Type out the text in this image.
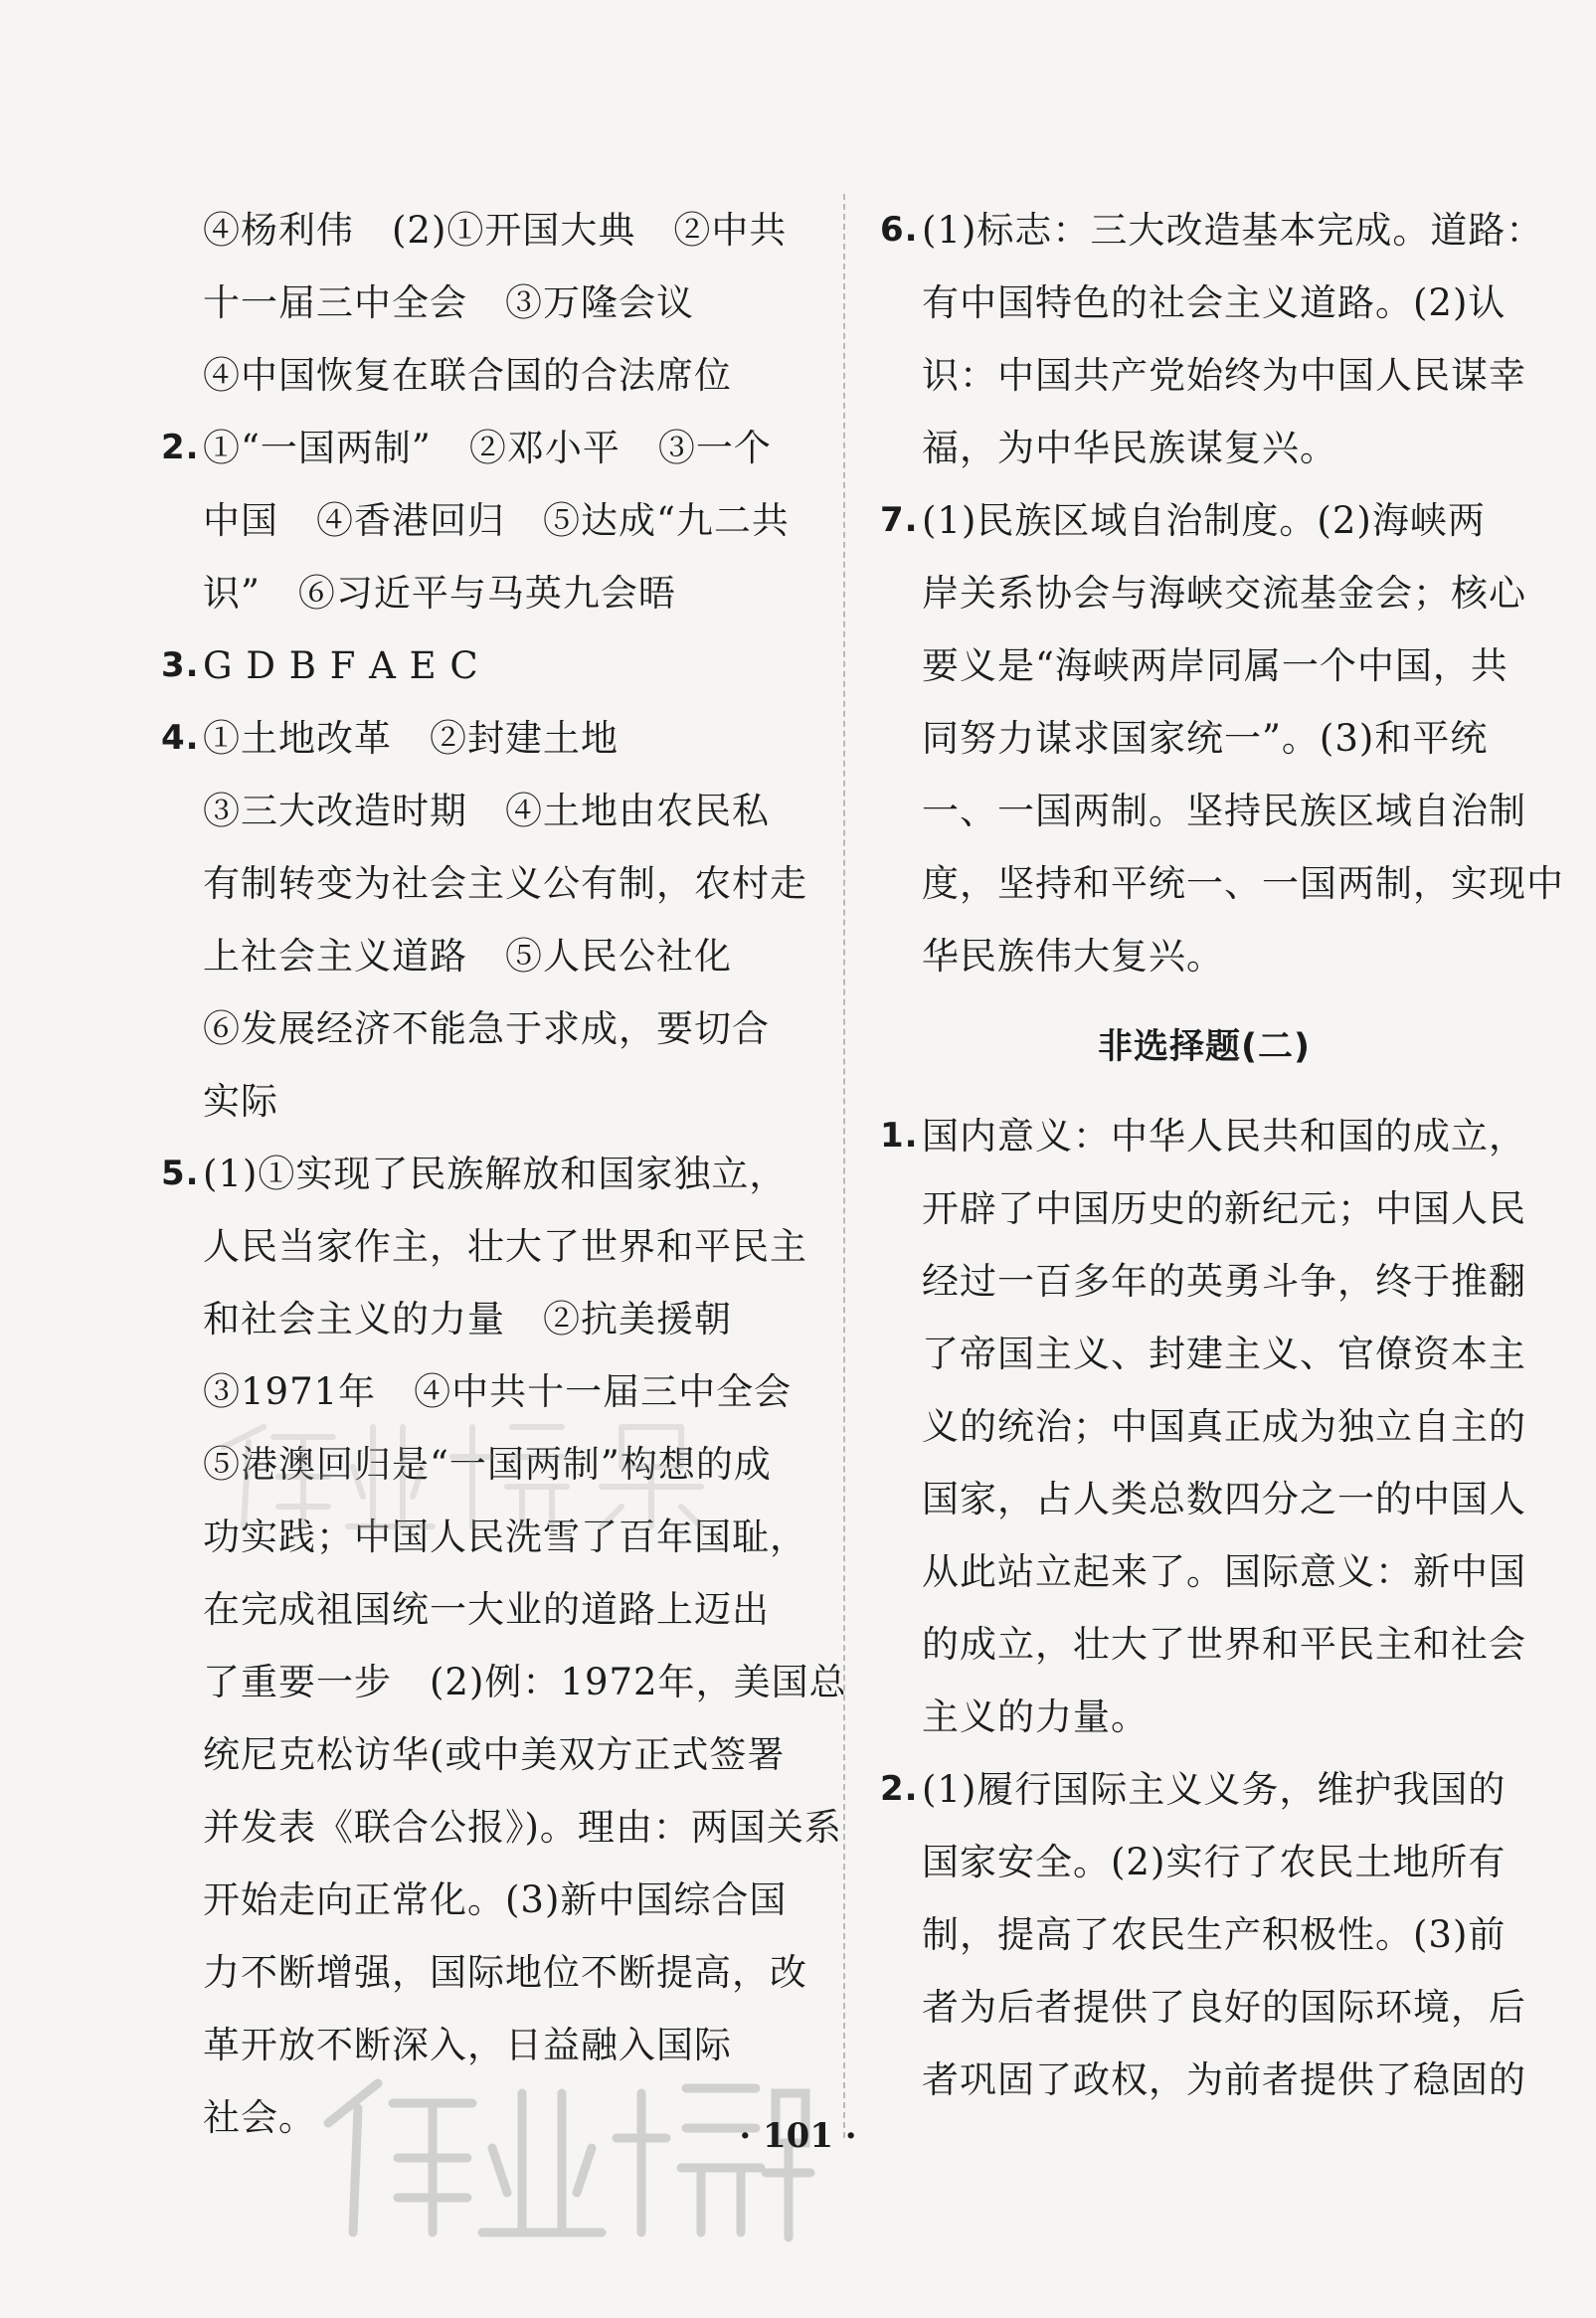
④杨利伟　(2)①开国大典　②中共
十一届三中全会　③万隆会议
④中国恢复在联合国的合法席位
2. ①“一国两制”　②邓小平　③一个
中国　④香港回归　⑤达成“九二共
识”　⑥习近平与马英九会晤
3. G D B F A E C
4. ①土地改革　②封建土地
③三大改造时期　④土地由农民私
有制转变为社会主义公有制，农村走
上社会主义道路　⑤人民公社化
⑥发展经济不能急于求成，要切合
实际
5. (1)①实现了民族解放和国家独立，
人民当家作主，壮大了世界和平民主
和社会主义的力量　②抗美援朝
③1971年　④中共十一届三中全会
⑤港澳回归是“一国两制”构想的成
功实践；中国人民洗雪了百年国耻，
在完成祖国统一大业的道路上迈出
了重要一步　(2)例：1972年，美国总
统尼克松访华(或中美双方正式签署
并发表《联合公报》)。理由：两国关系
开始走向正常化。(3)新中国综合国
力不断增强，国际地位不断提高，改
革开放不断深入，日益融入国际
社会。
6. (1)标志：三大改造基本完成。道路：
有中国特色的社会主义道路。(2)认
识：中国共产党始终为中国人民谋幸
福，为中华民族谋复兴。
7. (1)民族区域自治制度。(2)海峡两
岸关系协会与海峡交流基金会；核心
要义是“海峡两岸同属一个中国，共
同努力谋求国家统一”。(3)和平统
一、一国两制。坚持民族区域自治制
度，坚持和平统一、一国两制，实现中
华民族伟大复兴。
非选择题(二)
1. 国内意义：中华人民共和国的成立，
开辟了中国历史的新纪元；中国人民
经过一百多年的英勇斗争，终于推翻
了帝国主义、封建主义、官僚资本主
义的统治；中国真正成为独立自主的
国家，占人类总数四分之一的中国人
从此站立起来了。国际意义：新中国
的成立，壮大了世界和平民主和社会
主义的力量。
2. (1)履行国际主义义务，维护我国的
国家安全。(2)实行了农民土地所有
制，提高了农民生产积极性。(3)前
者为后者提供了良好的国际环境，后
者巩固了政权，为前者提供了稳固的
· 101 ·
